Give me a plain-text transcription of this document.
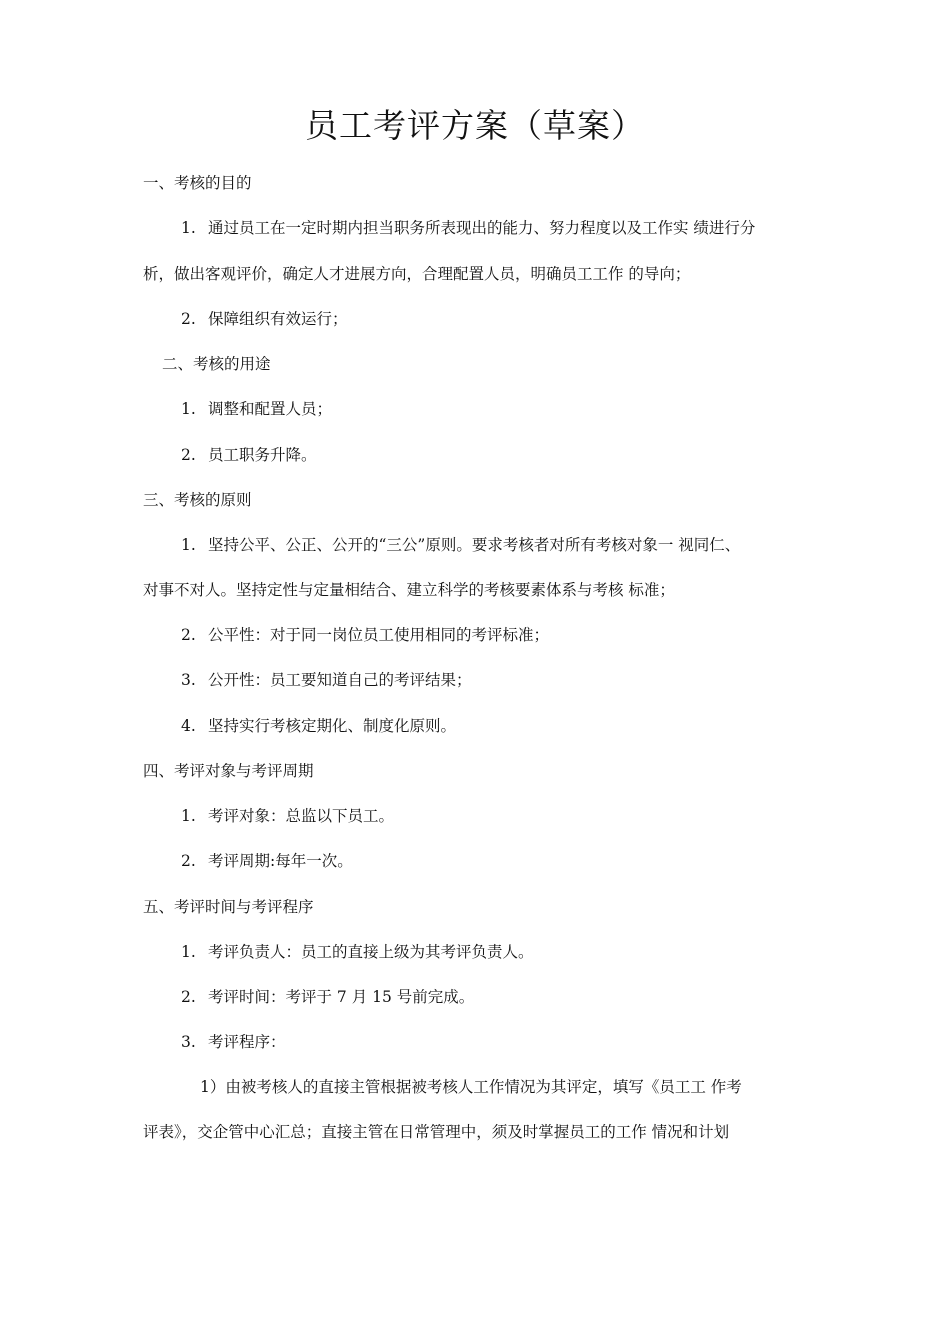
员工考评方案（草案）
一、考核的目的
1. 通过员工在一定时期内担当职务所表现出的能力、努力程度以及工作实 绩进行分
析，做出客观评价，确定人才进展方向，合理配置人员，明确员工工作 的导向；
2. 保障组织有效运行；
二、考核的用途
1. 调整和配置人员；
2. 员工职务升降。
三、考核的原则
1. 坚持公平、公正、公开的“三公”原则。要求考核者对所有考核对象一 视同仁、
对事不对人。坚持定性与定量相结合、建立科学的考核要素体系与考核 标准；
2. 公平性：对于同一岗位员工使用相同的考评标准；
3. 公开性：员工要知道自己的考评结果；
4. 坚持实行考核定期化、制度化原则。
四、考评对象与考评周期
1. 考评对象：总监以下员工。
2. 考评周期:每年一次。
五、考评时间与考评程序
1. 考评负责人：员工的直接上级为其考评负责人。
2. 考评时间：考评于 7 月 15 号前完成。
3. 考评程序：
1）由被考核人的直接主管根据被考核人工作情况为其评定，填写《员工工 作考
评表》，交企管中心汇总；直接主管在日常管理中，须及时掌握员工的工作 情况和计划
